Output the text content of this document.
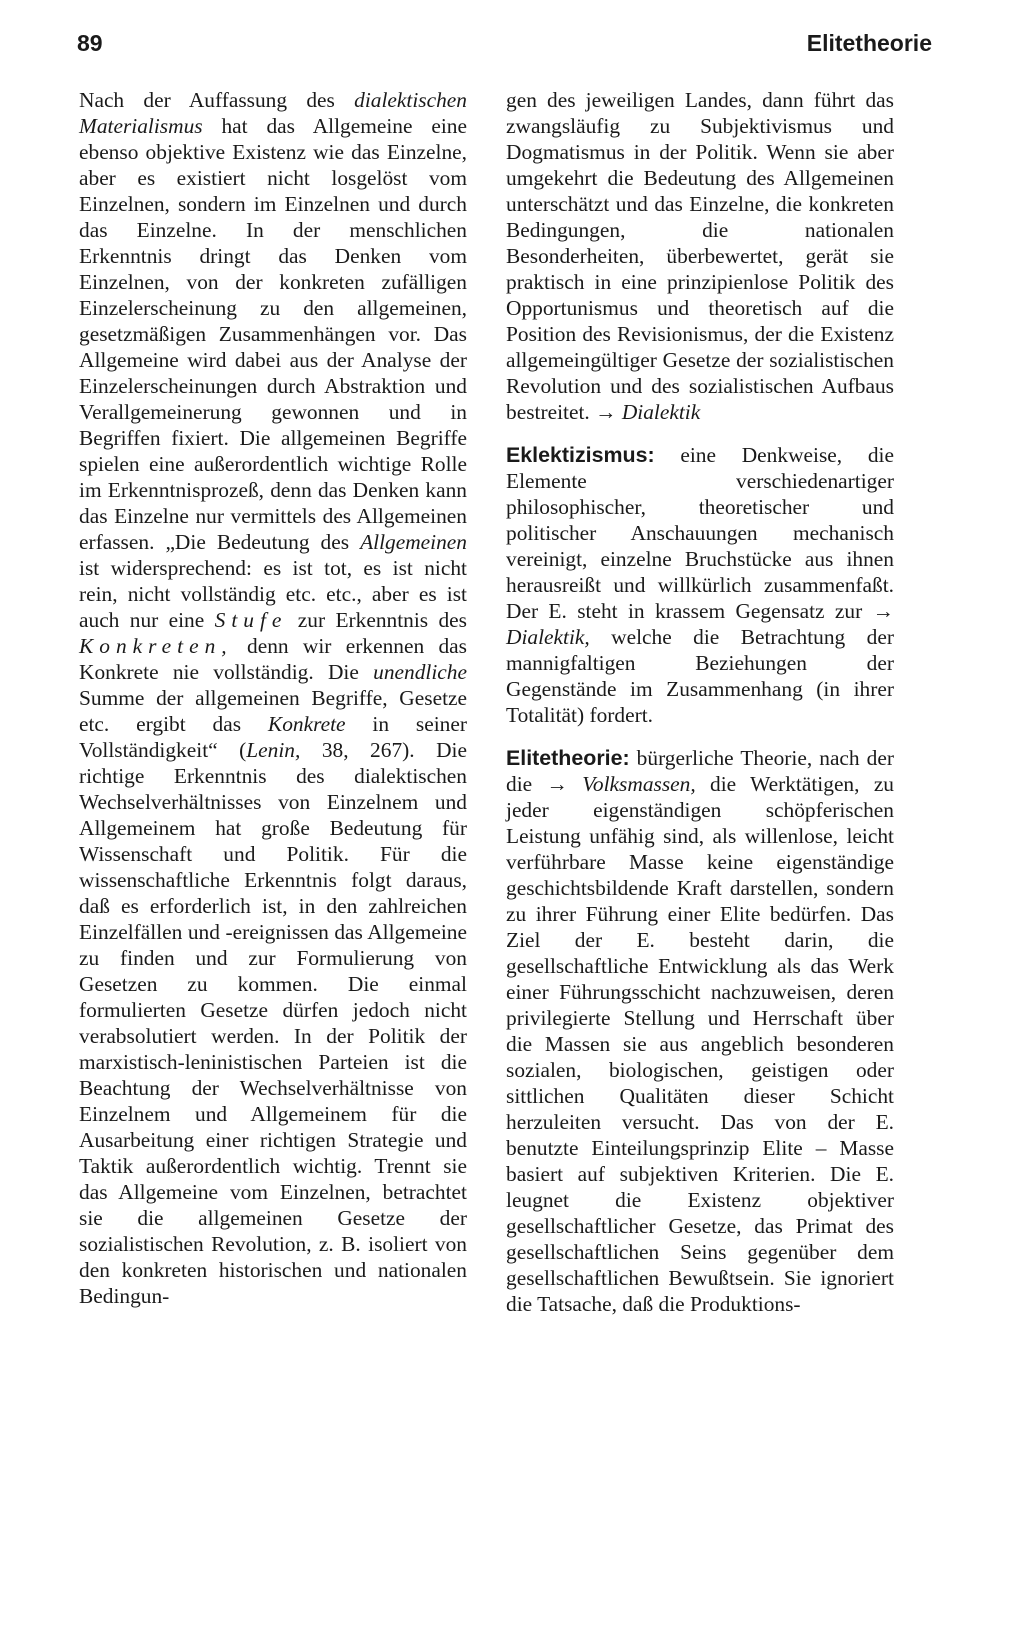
89	Elitetheorie

Nach der Auffassung des dialektischen Materialismus hat das Allgemeine eine ebenso objektive Existenz wie das Einzelne, aber es existiert nicht losgelöst vom Einzelnen, sondern im Einzelnen und durch das Einzelne. In der menschlichen Erkenntnis dringt das Denken vom Einzelnen, von der konkreten zufälligen Einzelerscheinung zu den allgemeinen, gesetzmäßigen Zusammenhängen vor. Das Allgemeine wird dabei aus der Analyse der Einzelerscheinungen durch Abstraktion und Verallgemeinerung gewonnen und in Begriffen fixiert. Die allgemeinen Begriffe spielen eine außerordentlich wichtige Rolle im Erkenntnisprozeß, denn das Denken kann das Einzelne nur vermittels des Allgemeinen erfassen. „Die Bedeutung des Allgemeinen ist widersprechend: es ist tot, es ist nicht rein, nicht vollständig etc. etc., aber es ist auch nur eine Stufe zur Erkenntnis des Konkreten, denn wir erkennen das Konkrete nie vollständig. Die unendliche Summe der allgemeinen Begriffe, Gesetze etc. ergibt das Konkrete in seiner Vollständigkeit“ (Lenin, 38, 267). Die richtige Erkenntnis des dialektischen Wechselverhältnisses von Einzelnem und Allgemeinem hat große Bedeutung für Wissenschaft und Politik. Für die wissenschaftliche Erkenntnis folgt daraus, daß es erforderlich ist, in den zahlreichen Einzelfällen und -ereignissen das Allgemeine zu finden und zur Formulierung von Gesetzen zu kommen. Die einmal formulierten Gesetze dürfen jedoch nicht verabsolutiert werden. In der Politik der marxistisch-leninistischen Parteien ist die Beachtung der Wechselverhältnisse von Einzelnem und Allgemeinem für die Ausarbeitung einer richtigen Strategie und Taktik außerordentlich wichtig. Trennt sie das Allgemeine vom Einzelnen, betrachtet sie die allgemeinen Gesetze der sozialistischen Revolution, z. B. isoliert von den konkreten historischen und nationalen Bedingun-

gen des jeweiligen Landes, dann führt das zwangsläufig zu Subjektivismus und Dogmatismus in der Politik. Wenn sie aber umgekehrt die Bedeutung des Allgemeinen unterschätzt und das Einzelne, die konkreten Bedingungen, die nationalen Besonderheiten, überbewertet, gerät sie praktisch in eine prinzipienlose Politik des Opportunismus und theoretisch auf die Position des Revisionismus, der die Existenz allgemeingültiger Gesetze der sozialistischen Revolution und des sozialistischen Aufbaus bestreitet. → Dialektik

Eklektizismus: eine Denkweise, die Elemente verschiedenartiger philosophischer, theoretischer und politischer Anschauungen mechanisch vereinigt, einzelne Bruchstücke aus ihnen herausreißt und willkürlich zusammenfaßt. Der E. steht in krassem Gegensatz zur → Dialektik, welche die Betrachtung der mannigfaltigen Beziehungen der Gegenstände im Zusammenhang (in ihrer Totalität) fordert.

Elitetheorie: bürgerliche Theorie, nach der die → Volksmassen, die Werktätigen, zu jeder eigenständigen schöpferischen Leistung unfähig sind, als willenlose, leicht verführbare Masse keine eigenständige geschichtsbildende Kraft darstellen, sondern zu ihrer Führung einer Elite bedürfen. Das Ziel der E. besteht darin, die gesellschaftliche Entwicklung als das Werk einer Führungsschicht nachzuweisen, deren privilegierte Stellung und Herrschaft über die Massen sie aus angeblich besonderen sozialen, biologischen, geistigen oder sittlichen Qualitäten dieser Schicht herzuleiten versucht. Das von der E. benutzte Einteilungsprinzip Elite – Masse basiert auf subjektiven Kriterien. Die E. leugnet die Existenz objektiver gesellschaftlicher Gesetze, das Primat des gesellschaftlichen Seins gegenüber dem gesellschaftlichen Bewußtsein. Sie ignoriert die Tatsache, daß die Produktions-
